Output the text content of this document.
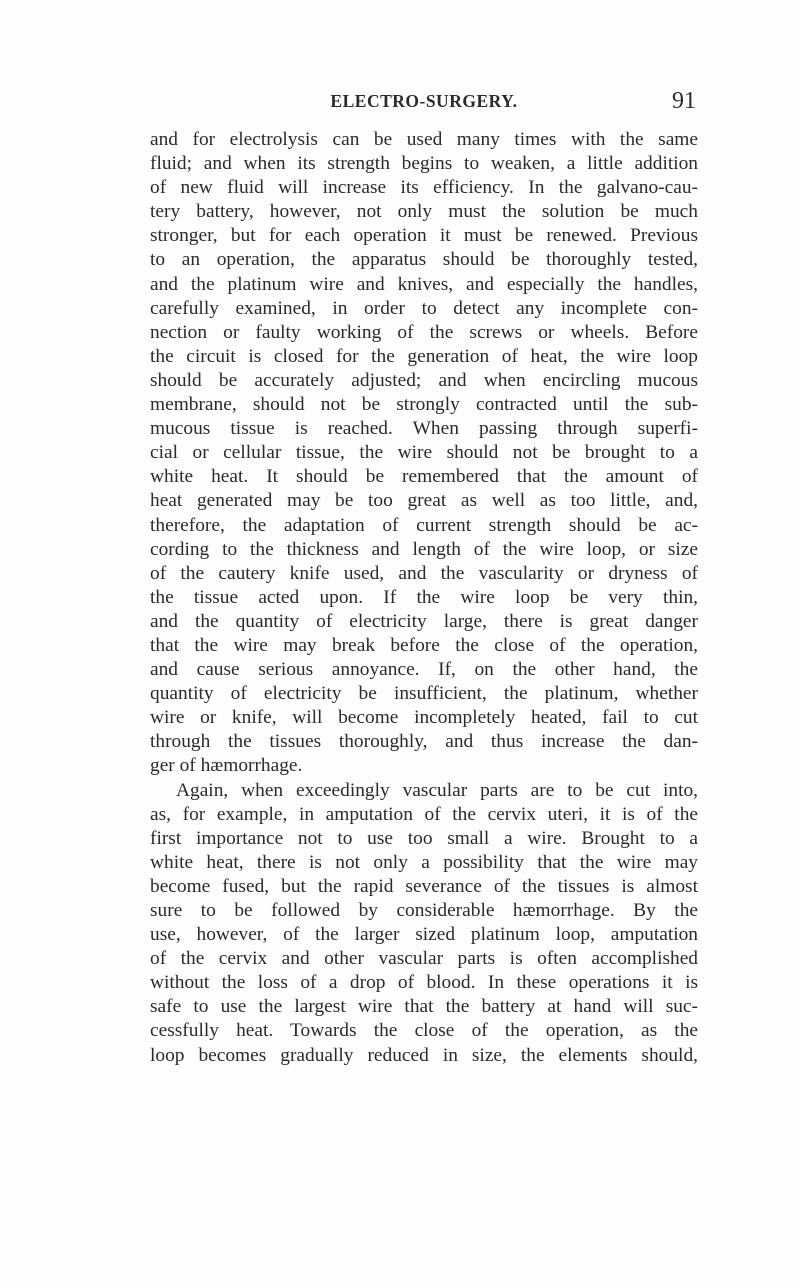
ELECTRO-SURGERY.	91
and for electrolysis can be used many times with the same
fluid; and when its strength begins to weaken, a little addition
of new fluid will increase its efficiency. In the galvano-cau-
tery battery, however, not only must the solution be much
stronger, but for each operation it must be renewed. Previous
to an operation, the apparatus should be thoroughly tested,
and the platinum wire and knives, and especially the handles,
carefully examined, in order to detect any incomplete con-
nection or faulty working of the screws or wheels. Before
the circuit is closed for the generation of heat, the wire loop
should be accurately adjusted; and when encircling mucous
membrane, should not be strongly contracted until the sub-
mucous tissue is reached. When passing through superfi-
cial or cellular tissue, the wire should not be brought to a
white heat. It should be remembered that the amount of
heat generated may be too great as well as too little, and,
therefore, the adaptation of current strength should be ac-
cording to the thickness and length of the wire loop, or size
of the cautery knife used, and the vascularity or dryness of
the tissue acted upon. If the wire loop be very thin,
and the quantity of electricity large, there is great danger
that the wire may break before the close of the operation,
and cause serious annoyance. If, on the other hand, the
quantity of electricity be insufficient, the platinum, whether
wire or knife, will become incompletely heated, fail to cut
through the tissues thoroughly, and thus increase the dan-
ger of hæmorrhage.
Again, when exceedingly vascular parts are to be cut into,
as, for example, in amputation of the cervix uteri, it is of the
first importance not to use too small a wire. Brought to a
white heat, there is not only a possibility that the wire may
become fused, but the rapid severance of the tissues is almost
sure to be followed by considerable hæmorrhage. By the
use, however, of the larger sized platinum loop, amputation
of the cervix and other vascular parts is often accomplished
without the loss of a drop of blood. In these operations it is
safe to use the largest wire that the battery at hand will suc-
cessfully heat. Towards the close of the operation, as the
loop becomes gradually reduced in size, the elements should,
